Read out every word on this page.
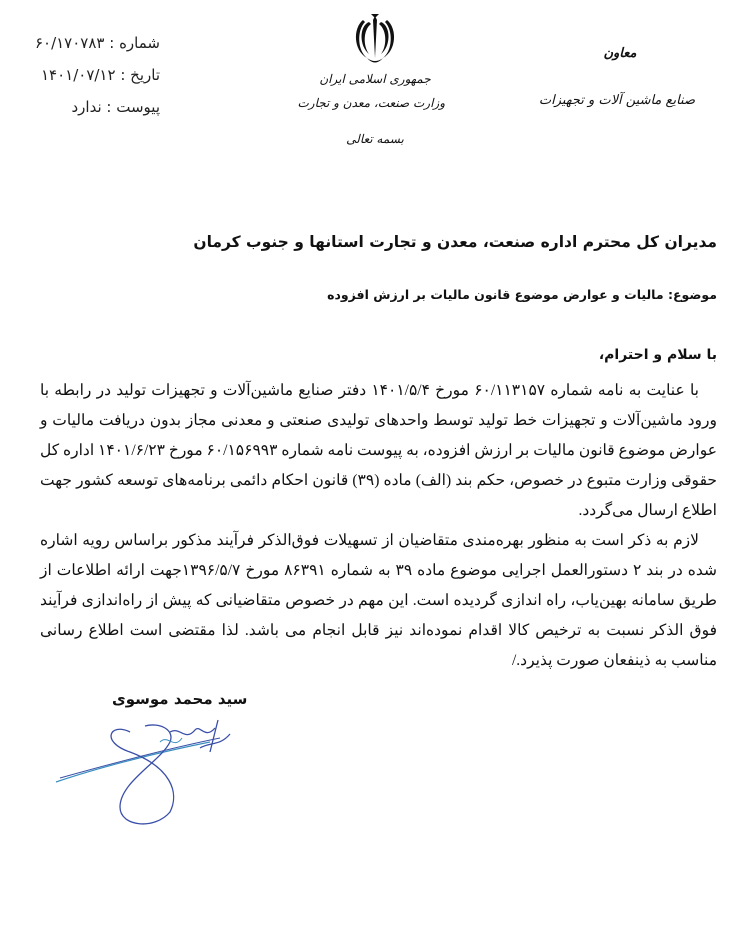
شماره : ۶۰/۱۷۰۷۸۳
تاریخ : ۱۴۰۱/۰۷/۱۲
پیوست : ندارد
جمهوری اسلامی ایران
وزارت صنعت، معدن و تجارت
بسمه تعالی
معاون
صنایع ماشین آلات و تجهیزات
مدیران کل محترم اداره صنعت، معدن و تجارت استانها و جنوب کرمان
موضوع: مالیات و عوارض موضوع قانون مالیات بر ارزش افزوده
با سلام و احترام،

با عنایت به نامه شماره ۶۰/۱۱۳۱۵۷ مورخ ۱۴۰۱/۵/۴ دفتر صنایع ماشین‌آلات و تجهیزات تولید در رابطه با ورود ماشین‌آلات و تجهیزات خط تولید توسط واحدهای تولیدی صنعتی و معدنی مجاز بدون دریافت مالیات و عوارض موضوع قانون مالیات بر ارزش افزوده، به پیوست نامه شماره ۶۰/۱۵۶۹۹۳ مورخ ۱۴۰۱/۶/۲۳ اداره کل حقوقی وزارت متبوع در خصوص، حکم بند (الف) ماده (۳۹) قانون احکام دائمی برنامه‌های توسعه کشور جهت اطلاع ارسال می‌گردد.

لازم به ذکر است به منظور بهره‌مندی متقاضیان از تسهیلات فوق‌الذکر فرآیند مذکور براساس رویه اشاره شده در بند ۲ دستورالعمل اجرایی موضوع ماده ۳۹ به شماره ۸۶۳۹۱ مورخ ۱۳۹۶/۵/۷جهت ارائه اطلاعات از طریق سامانه بهین‌یاب، راه اندازی گردیده است. این مهم در خصوص متقاضیانی که پیش از راه‌اندازی فرآیند فوق الذکر نسبت به ترخیص کالا اقدام نموده‌اند نیز قابل انجام می باشد. لذا مقتضی است اطلاع رسانی مناسب به ذینفعان صورت پذیرد./

سید محمد موسوی
